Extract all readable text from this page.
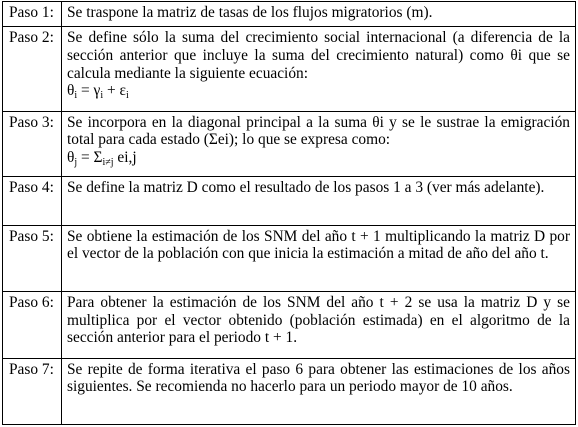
Paso 1:	Se traspone la matriz de tasas de los flujos migratorios (m).
Paso 2:	Se define sólo la suma del crecimiento social internacional (a diferencia de la sección anterior que incluye la suma del crecimiento natural) como θi que se calcula mediante la siguiente ecuación:
$\theta_i = \gamma_i + \varepsilon_i$
Paso 3:	Se incorpora en la diagonal principal a la suma θi y se le sustrae la emigración total para cada estado (Σei); lo que se expresa como:
$\theta_j = \Sigma_{i\ne j}$ ei,j
Paso 4:	Se define la matriz D como el resultado de los pasos 1 a 3 (ver más adelante).
Paso 5:	Se obtiene la estimación de los SNM del año t + 1 multiplicando la matriz D por el vector de la población con que inicia la estimación a mitad de año del año t.
Paso 6:	Para obtener la estimación de los SNM del año t + 2 se usa la matriz D y se multiplica por el vector obtenido (población estimada) en el algoritmo de la sección anterior para el periodo t + 1.
Paso 7:	Se repite de forma iterativa el paso 6 para obtener las estimaciones de los años siguientes. Se recomienda no hacerlo para un periodo mayor de 10 años.
